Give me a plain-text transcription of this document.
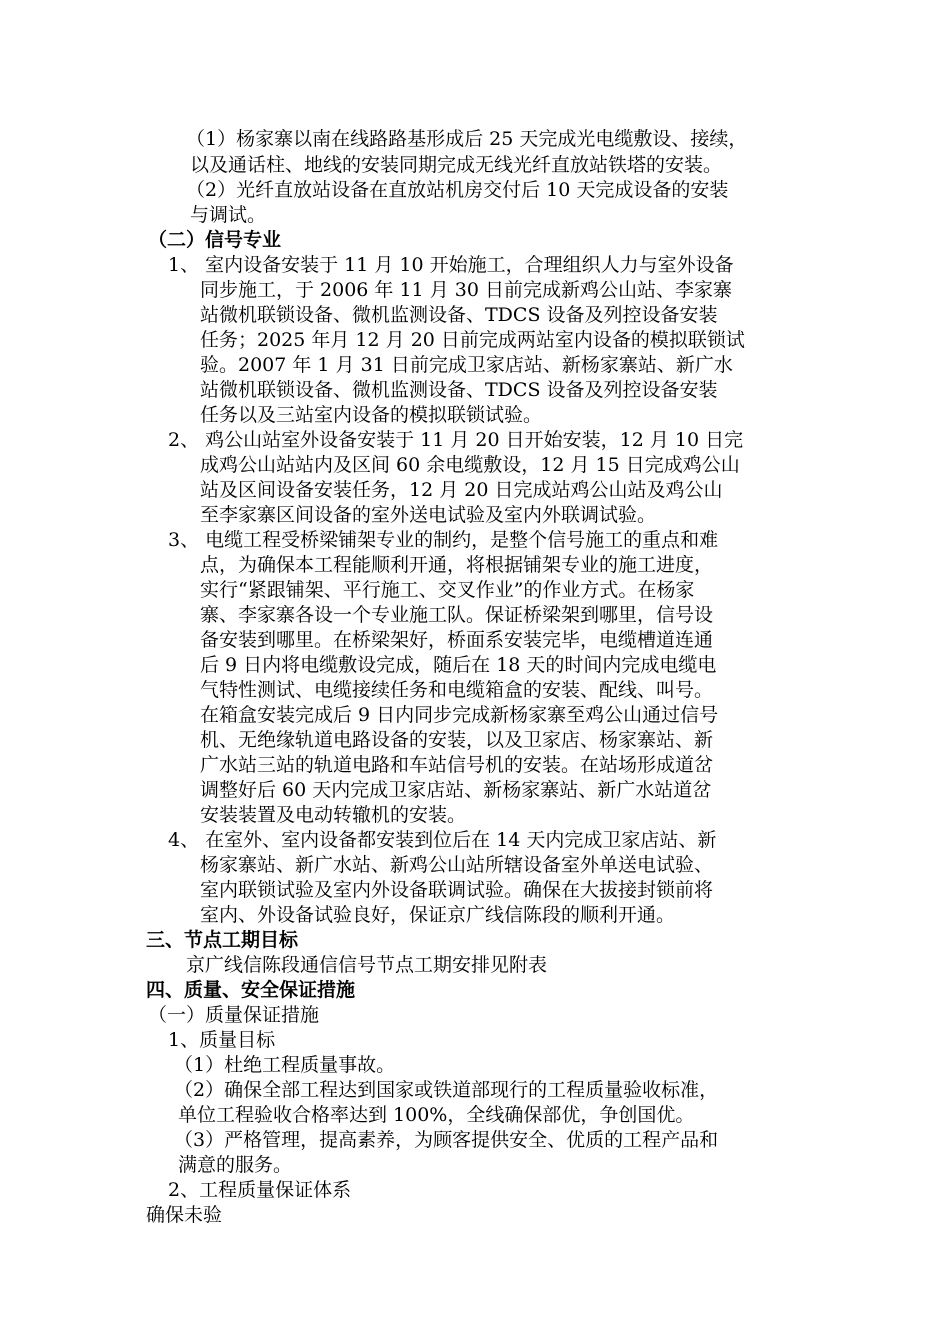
（1）杨家寨以南在线路路基形成后 25 天完成光电缆敷设、接续，

以及通话柱、地线的安装同期完成无线光纤直放站铁塔的安装。

（2）光纤直放站设备在直放站机房交付后 10 天完成设备的安装

与调试。

（二）信号专业

1、 室内设备安装于 11 月 10 开始施工，合理组织人力与室外设备

同步施工，于 2006 年 11 月 30 日前完成新鸡公山站、李家寨

站微机联锁设备、微机监测设备、TDCS 设备及列控设备安装

任务；2025 年月 12 月 20 日前完成两站室内设备的模拟联锁试

验。2007 年 1 月 31 日前完成卫家店站、新杨家寨站、新广水

站微机联锁设备、微机监测设备、TDCS 设备及列控设备安装

任务以及三站室内设备的模拟联锁试验。

2、 鸡公山站室外设备安装于 11 月 20 日开始安装，12 月 10 日完

成鸡公山站站内及区间 60 余电缆敷设，12 月 15 日完成鸡公山

站及区间设备安装任务，12 月 20 日完成站鸡公山站及鸡公山

至李家寨区间设备的室外送电试验及室内外联调试验。

3、 电缆工程受桥梁铺架专业的制约，是整个信号施工的重点和难

点，为确保本工程能顺利开通，将根据铺架专业的施工进度，

实行“紧跟铺架、平行施工、交叉作业”的作业方式。在杨家

寨、李家寨各设一个专业施工队。保证桥梁架到哪里，信号设

备安装到哪里。在桥梁架好，桥面系安装完毕，电缆槽道连通

后 9 日内将电缆敷设完成，随后在 18 天的时间内完成电缆电

气特性测试、电缆接续任务和电缆箱盒的安装、配线、叫号。

在箱盒安装完成后 9 日内同步完成新杨家寨至鸡公山通过信号

机、无绝缘轨道电路设备的安装，以及卫家店、杨家寨站、新

广水站三站的轨道电路和车站信号机的安装。在站场形成道岔

调整好后 60 天内完成卫家店站、新杨家寨站、新广水站道岔

安装装置及电动转辙机的安装。

4、 在室外、室内设备都安装到位后在 14 天内完成卫家店站、新

杨家寨站、新广水站、新鸡公山站所辖设备室外单送电试验、

室内联锁试验及室内外设备联调试验。确保在大拔接封锁前将

室内、外设备试验良好，保证京广线信陈段的顺利开通。

三、节点工期目标

京广线信陈段通信信号节点工期安排见附表

四、质量、安全保证措施

（一）质量保证措施

1、质量目标

（1）杜绝工程质量事故。

（2）确保全部工程达到国家或铁道部现行的工程质量验收标准，

单位工程验收合格率达到 100%，全线确保部优，争创国优。

（3）严格管理，提高素养，为顾客提供安全、优质的工程产品和

满意的服务。

2、工程质量保证体系

确保未验
